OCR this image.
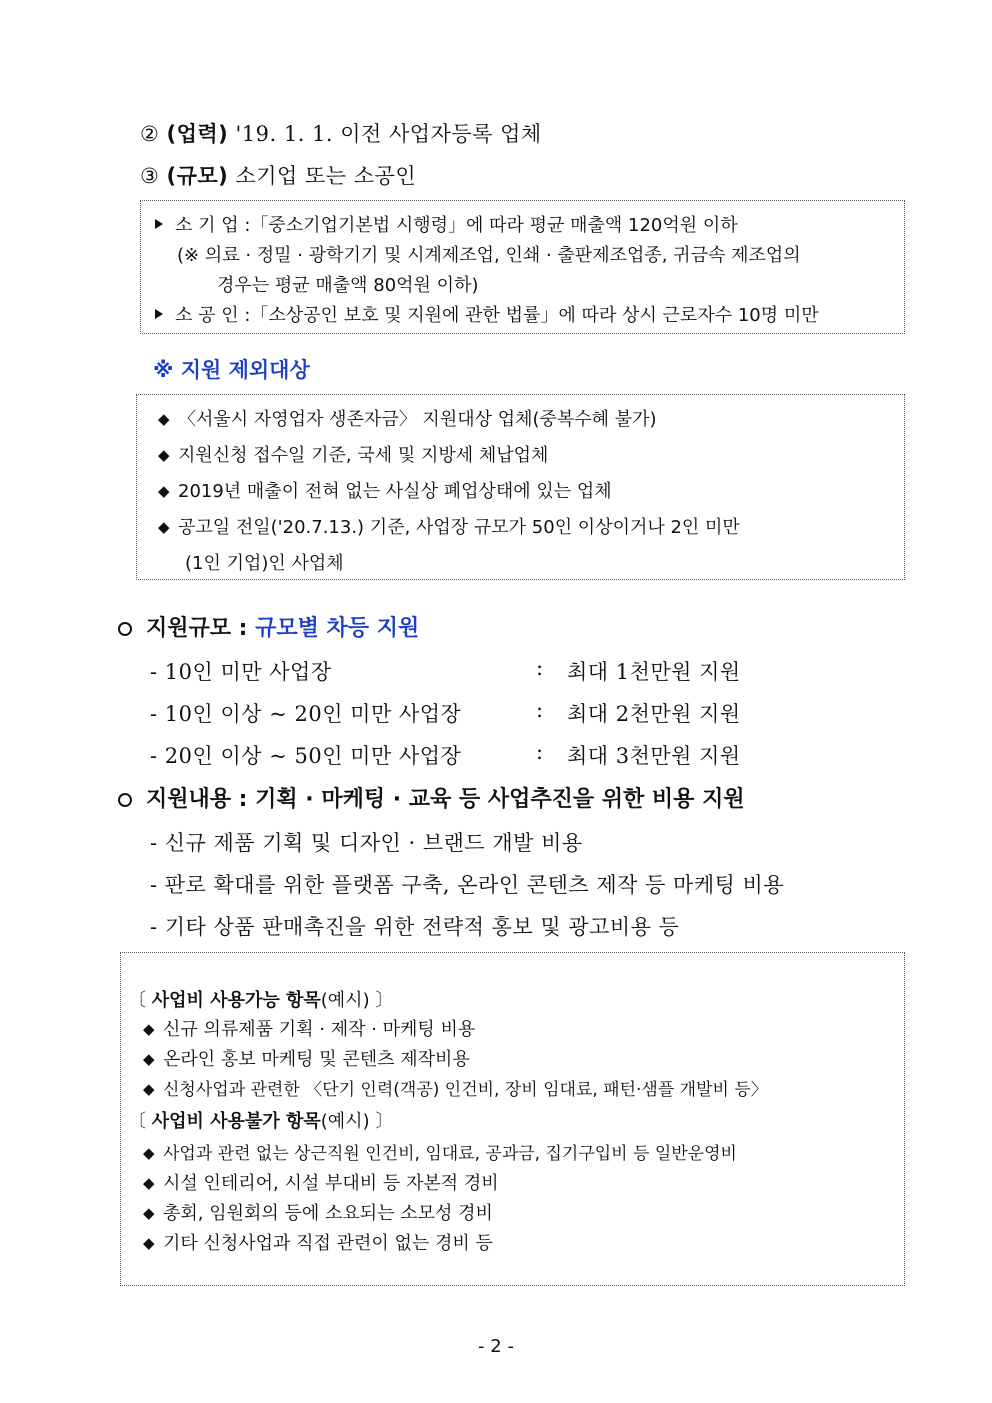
② (업력) '19. 1. 1. 이전 사업자등록 업체
③ (규모) 소기업 또는 소공인
소 기 업 :「중소기업기본법 시행령」에 따라 평균 매출액 120억원 이하
(※ 의료 · 정밀 · 광학기기 및 시계제조업, 인쇄 · 출판제조업종, 귀금속 제조업의
경우는 평균 매출액 80억원 이하)
소 공 인 :「소상공인 보호 및 지원에 관한 법률」에 따라 상시 근로자수 10명 미만
※ 지원 제외대상
◆ 〈서울시 자영업자 생존자금〉 지원대상 업체(중복수혜 불가)
◆ 지원신청 접수일 기준, 국세 및 지방세 체납업체
◆ 2019년 매출이 전혀 없는 사실상 폐업상태에 있는 업체
◆ 공고일 전일('20.7.13.) 기준, 사업장 규모가 50인 이상이거나 2인 미만
(1인 기업)인 사업체
지원규모 : 규모별 차등 지원
- 10인 미만 사업장	: 최대 1천만원 지원
- 10인 이상 ~ 20인 미만 사업장	: 최대 2천만원 지원
- 20인 이상 ~ 50인 미만 사업장	: 최대 3천만원 지원
지원내용 : 기획 · 마케팅 · 교육 등 사업추진을 위한 비용 지원
- 신규 제품 기획 및 디자인 · 브랜드 개발 비용
- 판로 확대를 위한 플랫폼 구축, 온라인 콘텐츠 제작 등 마케팅 비용
- 기타 상품 판매촉진을 위한 전략적 홍보 및 광고비용 등
〔 사업비 사용가능 항목(예시) 〕
◆ 신규 의류제품 기획 · 제작 · 마케팅 비용
◆ 온라인 홍보 마케팅 및 콘텐츠 제작비용
◆ 신청사업과 관련한 〈단기 인력(객공) 인건비, 장비 임대료, 패턴·샘플 개발비 등〉
〔 사업비 사용불가 항목(예시) 〕
◆ 사업과 관련 없는 상근직원 인건비, 임대료, 공과금, 집기구입비 등 일반운영비
◆ 시설 인테리어, 시설 부대비 등 자본적 경비
◆ 총회, 임원회의 등에 소요되는 소모성 경비
◆ 기타 신청사업과 직접 관련이 없는 경비 등
- 2 -
